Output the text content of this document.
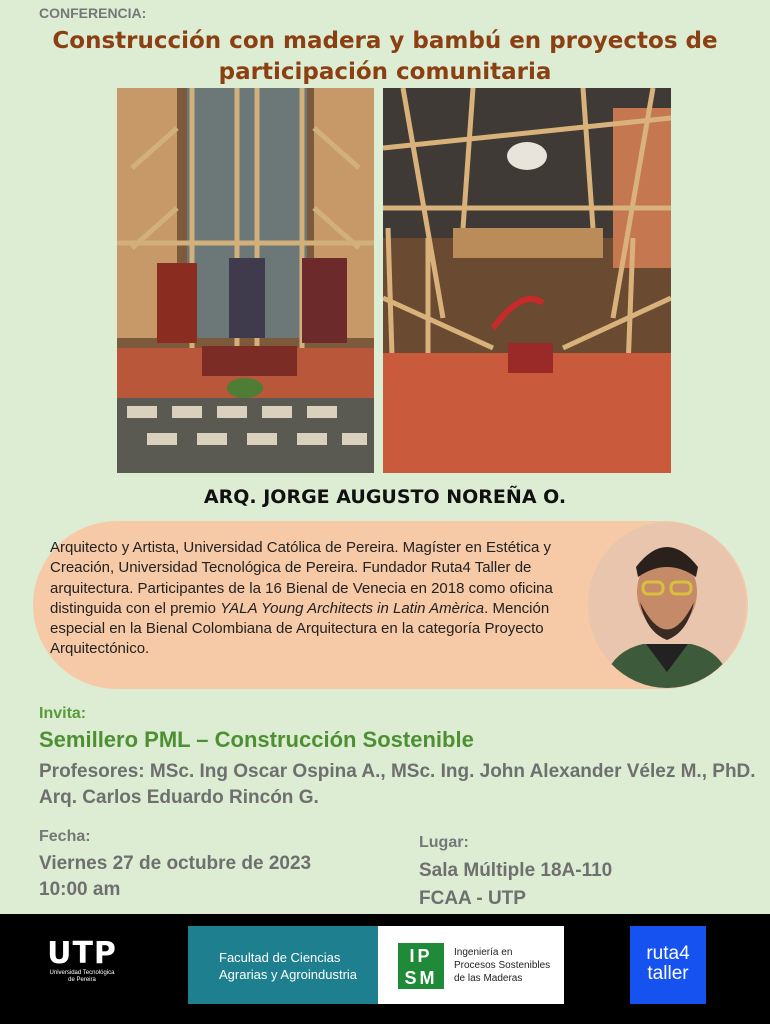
CONFERENCIA:
Construcción con madera y bambú en proyectos de
participación comunitaria
ARQ. JORGE AUGUSTO NOREÑA O.
Arquitecto y Artista, Universidad Católica de Pereira. Magíster en Estética y Creación, Universidad Tecnológica de Pereira. Fundador Ruta4 Taller de arquitectura. Participantes de la 16 Bienal de Venecia en 2018 como oficina distinguida con el premio YALA Young Architects in Latin Amèrica. Mención especial en la Bienal Colombiana de Arquitectura en la categoría Proyecto Arquitectónico.
Invita:
Semillero PML – Construcción Sostenible
Profesores: MSc. Ing Oscar Ospina A., MSc. Ing. John Alexander Vélez M., PhD. Arq. Carlos Eduardo Rincón G.
Fecha:
Viernes 27 de octubre de 2023
10:00 am
Lugar:
Sala Múltiple 18A-110
FCAA - UTP
UTP
Universidad Tecnológica
de Pereira
Facultad de Ciencias
Agrarias y Agroindustria
IP
SM
Ingeniería en
Procesos Sostenibles
de las Maderas
ruta4
taller
